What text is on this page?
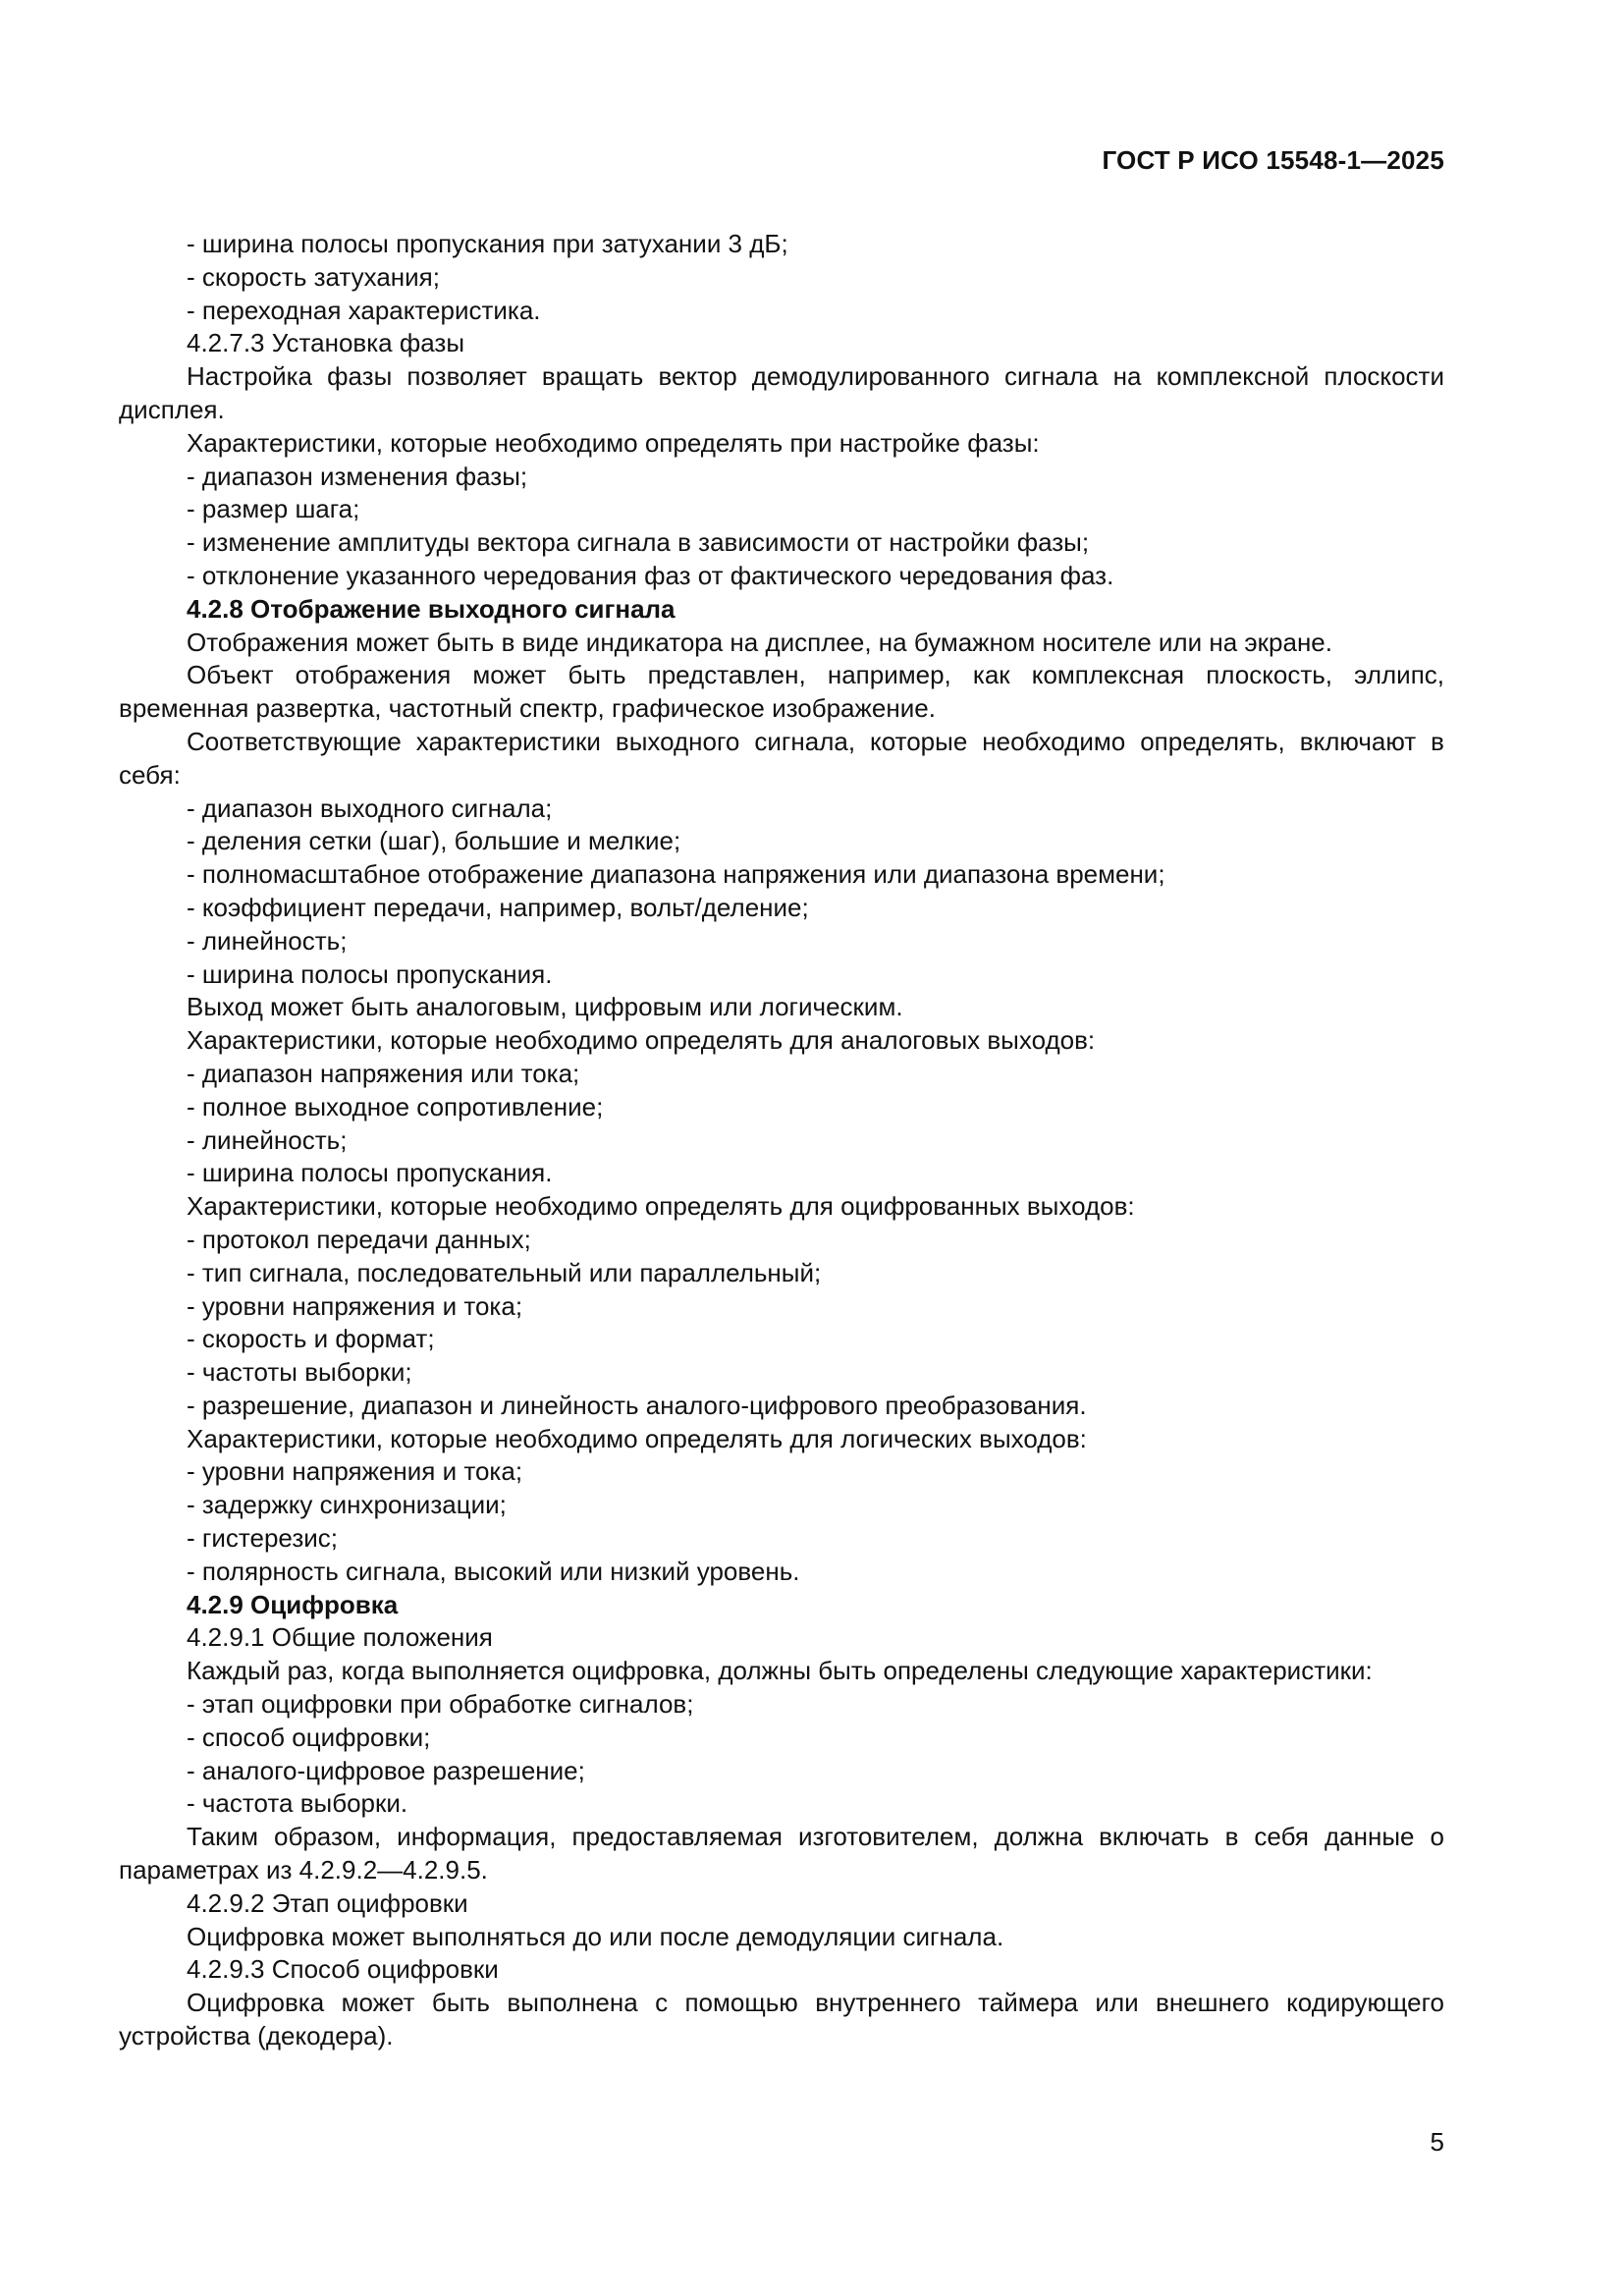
ГОСТ Р ИСО 15548-1—2025
- ширина полосы пропускания при затухании 3 дБ;
- скорость затухания;
- переходная характеристика.
4.2.7.3 Установка фазы
Настройка фазы позволяет вращать вектор демодулированного сигнала на комплексной плоскости дисплея.
Характеристики, которые необходимо определять при настройке фазы:
- диапазон изменения фазы;
- размер шага;
- изменение амплитуды вектора сигнала в зависимости от настройки фазы;
- отклонение указанного чередования фаз от фактического чередования фаз.
4.2.8 Отображение выходного сигнала
Отображения может быть в виде индикатора на дисплее, на бумажном носителе или на экране.
Объект отображения может быть представлен, например, как комплексная плоскость, эллипс, временная развертка, частотный спектр, графическое изображение.
Соответствующие характеристики выходного сигнала, которые необходимо определять, включают в себя:
- диапазон выходного сигнала;
- деления сетки (шаг), большие и мелкие;
- полномасштабное отображение диапазона напряжения или диапазона времени;
- коэффициент передачи, например, вольт/деление;
- линейность;
- ширина полосы пропускания.
Выход может быть аналоговым, цифровым или логическим.
Характеристики, которые необходимо определять для аналоговых выходов:
- диапазон напряжения или тока;
- полное выходное сопротивление;
- линейность;
- ширина полосы пропускания.
Характеристики, которые необходимо определять для оцифрованных выходов:
- протокол передачи данных;
- тип сигнала, последовательный или параллельный;
- уровни напряжения и тока;
- скорость и формат;
- частоты выборки;
- разрешение, диапазон и линейность аналого-цифрового преобразования.
Характеристики, которые необходимо определять для логических выходов:
- уровни напряжения и тока;
- задержку синхронизации;
- гистерезис;
- полярность сигнала, высокий или низкий уровень.
4.2.9 Оцифровка
4.2.9.1 Общие положения
Каждый раз, когда выполняется оцифровка, должны быть определены следующие характеристики:
- этап оцифровки при обработке сигналов;
- способ оцифровки;
- аналого-цифровое разрешение;
- частота выборки.
Таким образом, информация, предоставляемая изготовителем, должна включать в себя данные о параметрах из 4.2.9.2—4.2.9.5.
4.2.9.2 Этап оцифровки
Оцифровка может выполняться до или после демодуляции сигнала.
4.2.9.3 Способ оцифровки
Оцифровка может быть выполнена с помощью внутреннего таймера или внешнего кодирующего устройства (декодера).
5
